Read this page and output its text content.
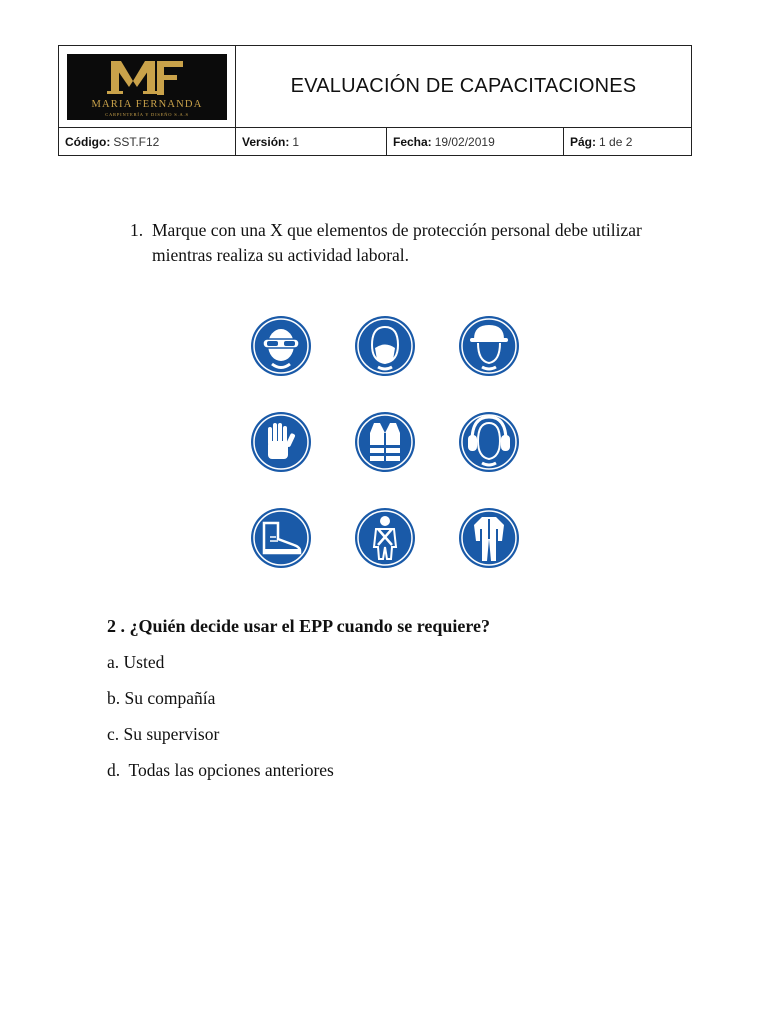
MARIA FERNANDA
CARPINTERÍA Y DISEÑO S.A.S
EVALUACIÓN DE CAPACITACIONES
Código: SST.F12	Versión: 1	Fecha: 19/02/2019	Pág: 1 de 2
1. Marque con una X que elementos de protección personal debe utilizar mientras realiza su actividad laboral.
2 . ¿Quién decide usar el EPP cuando se requiere?
a. Usted
b. Su compañía
c. Su supervisor
d.  Todas las opciones anteriores
